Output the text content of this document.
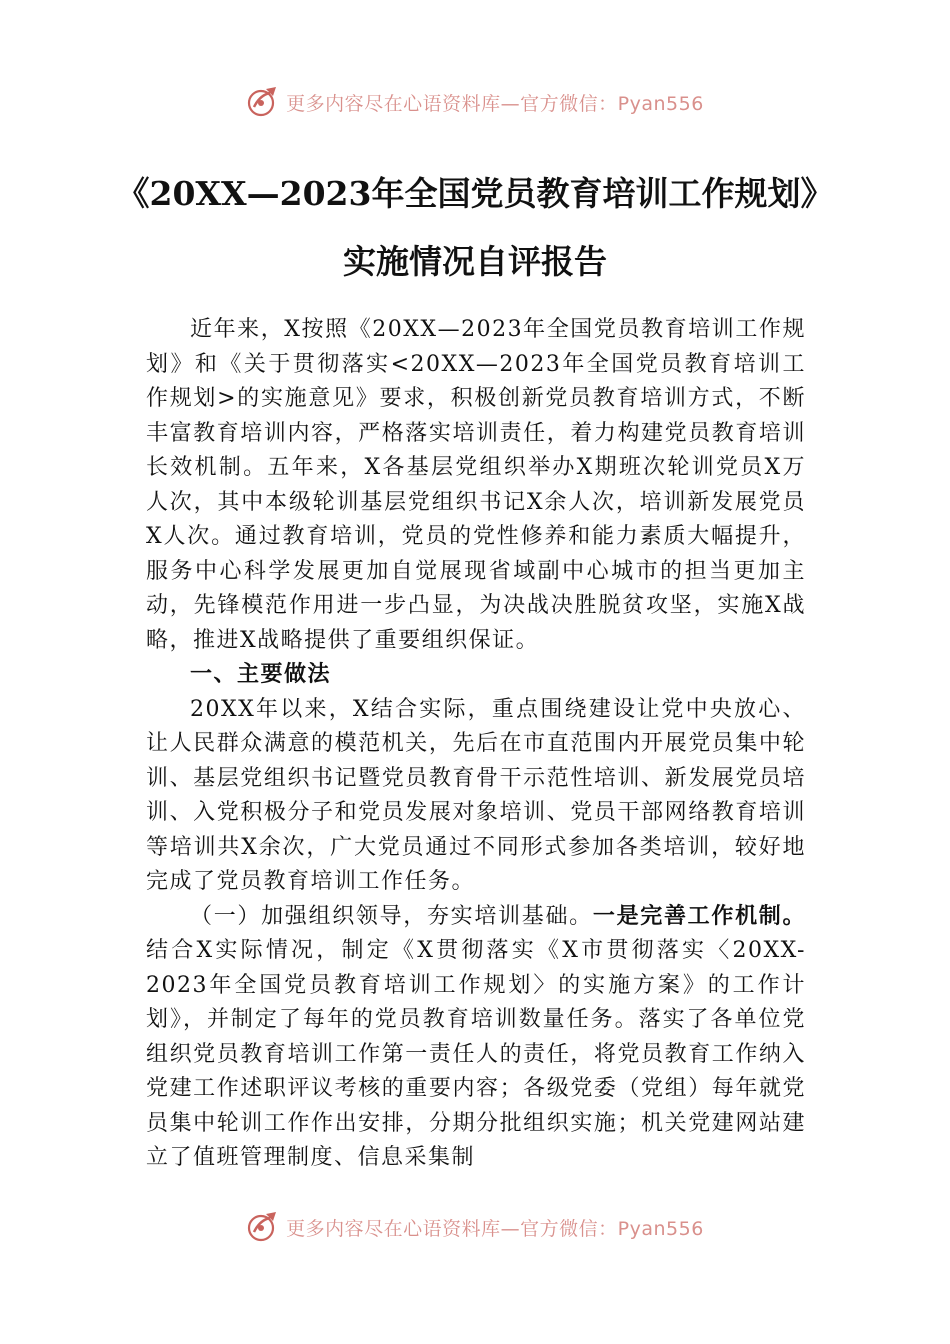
更多内容尽在心语资料库—官方微信：Pyan556
《20XX—2023年全国党员教育培训工作规划》实施情况自评报告

近年来，X按照《20XX—2023年全国党员教育培训工作规划》和《关于贯彻落实<20XX—2023年全国党员教育培训工作规划>的实施意见》要求，积极创新党员教育培训方式，不断丰富教育培训内容，严格落实培训责任，着力构建党员教育培训长效机制。五年来，X各基层党组织举办X期班次轮训党员X万人次，其中本级轮训基层党组织书记X余人次，培训新发展党员X人次。通过教育培训，党员的党性修养和能力素质大幅提升，服务中心科学发展更加自觉展现省域副中心城市的担当更加主动，先锋模范作用进一步凸显，为决战决胜脱贫攻坚，实施X战略，推进X战略提供了重要组织保证。

一、主要做法

20XX年以来，X结合实际，重点围绕建设让党中央放心、让人民群众满意的模范机关，先后在市直范围内开展党员集中轮训、基层党组织书记暨党员教育骨干示范性培训、新发展党员培训、入党积极分子和党员发展对象培训、党员干部网络教育培训等培训共X余次，广大党员通过不同形式参加各类培训，较好地完成了党员教育培训工作任务。

（一）加强组织领导，夯实培训基础。一是完善工作机制。结合X实际情况，制定《X贯彻落实《X市贯彻落实〈20XX-2023年全国党员教育培训工作规划〉的实施方案》的工作计划》，并制定了每年的党员教育培训数量任务。落实了各单位党组织党员教育培训工作第一责任人的责任，将党员教育工作纳入党建工作述职评议考核的重要内容；各级党委（党组）每年就党员集中轮训工作作出安排，分期分批组织实施；机关党建网站建立了值班管理制度、信息采集制

更多内容尽在心语资料库—官方微信：Pyan556
